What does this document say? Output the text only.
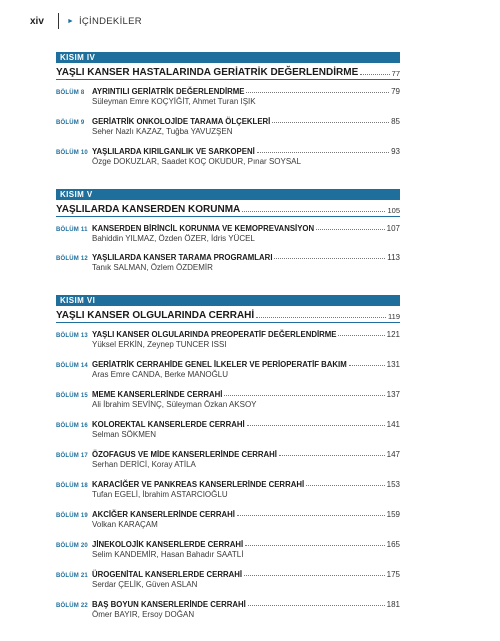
xiv	► İÇİNDEKİLER
KISIM IV
YAŞLI KANSER HASTALARINDA GERİATRİK DEĞERLENDİRME	77
BÖLÜM 8 AYRINTILI GERİATRİK DEĞERLENDİRME	79
Süleyman Emre KOÇYİĞİT, Ahmet Turan IŞIK
BÖLÜM 9 GERİATRİK ONKOLOJİDE TARAMA ÖLÇEKLERİ	85
Seher Nazlı KAZAZ, Tuğba YAVUZŞEN
BÖLÜM 10 YAŞLILARDA KIRILGANLIK VE SARKOPENİ	93
Özge DOKUZLAR, Saadet KOÇ OKUDUR, Pınar SOYSAL
KISIM V
YAŞLILARDA KANSERDEN KORUNMA	105
BÖLÜM 11 KANSERDEN BİRİNCİL KORUNMA VE KEMOPREVANSİYON	107
Bahiddin YILMAZ, Özden ÖZER, İdris YÜCEL
BÖLÜM 12 YAŞLILARDA KANSER TARAMA PROGRAMLARI	113
Tanık SALMAN, Özlem ÖZDEMİR
KISIM VI
YAŞLI KANSER OLGULARINDA CERRAHİ	119
BÖLÜM 13 YAŞLI KANSER OLGULARINDA PREOPERATİF DEĞERLENDİRME	121
Yüksel ERKİN, Zeynep TUNCER ISSI
BÖLÜM 14 GERİATRİK CERRAHİDE GENEL İLKELER VE PERİOPERATİF BAKIM	131
Aras Emre CANDA, Berke MANOĞLU
BÖLÜM 15 MEME KANSERLERİNDE CERRAHİ	137
Ali İbrahim SEVİNÇ, Süleyman Özkan AKSOY
BÖLÜM 16 KOLOREKTAL KANSERLERDE CERRAHİ	141
Selman SÖKMEN
BÖLÜM 17 ÖZOFAGUS VE MİDE KANSERLERİNDE CERRAHİ	147
Serhan DERİCİ, Koray ATİLA
BÖLÜM 18 KARACİĞER VE PANKREAS KANSERLERİNDE CERRAHİ	153
Tufan EGELİ, İbrahim ASTARCIOĞLU
BÖLÜM 19 AKCİĞER KANSERLERİNDE CERRAHİ	159
Volkan KARAÇAM
BÖLÜM 20 JİNEKOLOJİK KANSERLERDE CERRAHİ	165
Selim KANDEMİR, Hasan Bahadır SAATLİ
BÖLÜM 21 ÜROGENİTAL KANSERLERDE CERRAHİ	175
Serdar ÇELİK, Güven ASLAN
BÖLÜM 22 BAŞ BOYUN KANSERLERİNDE CERRAHİ	181
Ömer BAYIR, Ersoy DOĞAN
